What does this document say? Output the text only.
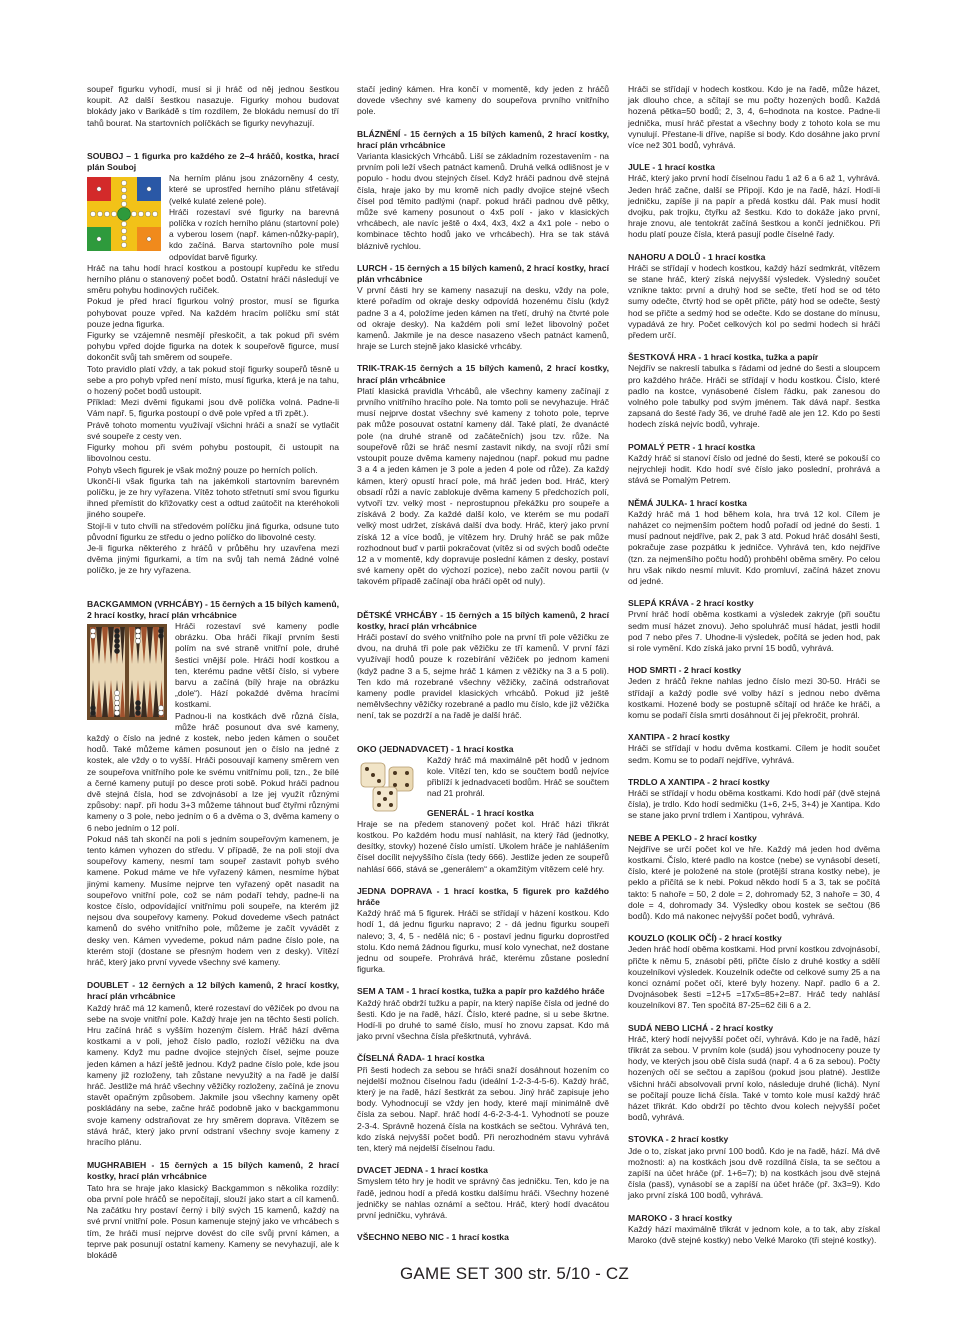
soupeř figurku vyhodí, musí si ji hráč od něj jednou šestkou koupit. Až další šestkou nasazuje. Figurky mohou budovat blokády jako v Barikádě s tím rozdílem, že blokádu nemusí do tří tahů bourat. Na startovních políčkách se figurky nevyhazují.

SOUBOJ – 1 figurka pro každého ze 2–4 hráčů, kostka, hrací plán Souboj

Na herním plánu jsou znázorněny 4 cesty, které se uprostřed herního plánu střetávají (velké kulaté zelené pole).

Hráči rozestaví své figurky na barevná políčka v rozích herního plánu (startovní pole) a vyberou losem (např. kámen-nůžky-papír), kdo začíná. Barva startovního pole musí odpovídat barvě figurky.

Hráč na tahu hodí hrací kostkou a postoupí kupředu ke středu herního plánu o stanovený počet bodů. Ostatní hráči následují ve směru pohybu hodinových ručiček.

Pokud je před hrací figurkou volný prostor, musí se figurka pohybovat pouze vpřed. Na každém hracím políčku smí stát pouze jedna figurka.

Figurky se vzájemně nesmějí přeskočit, a tak pokud při svém pohybu vpřed dojde figurka na dotek k soupeřově figurce, musí dokončit svůj tah směrem od soupeře.

Toto pravidlo platí vždy, a tak pokud stojí figurky soupeřů těsně u sebe a pro pohyb vpřed není místo, musí figurka, která je na tahu, o hozený počet bodů ustoupit.

Příklad: Mezi dvěmi figukami jsou dvě políčka volná. Padne-li Vám např. 5, figurka postoupí o dvě pole vpřed a tři zpět.).

Právě tohoto momentu využívají všichni hráči a snaží se vytlačit své soupeře z cesty ven.

Figurky mohou při svém pohybu postoupit, či ustoupit na libovolnou cestu.

Pohyb všech figurek je však možný pouze po herních polích.

Ukončí-li však figurka tah na jakémkoli startovním barevném políčku, je ze hry vyřazena. Vítěz tohoto střetnutí smí svou figurku ihned přemístit do křižovatky cest a odtud zaútočit na kteréhokoli jiného soupeře.

Stojí-li v tuto chvíli na středovém políčku jiná figurka, odsune tuto původní figurku ze středu o jedno políčko do libovolné cesty.

Je-li figurka některého z hráčů v průběhu hry uzavřena mezi dvěma jinými figurkami, a tím na svůj tah nemá žádné volné políčko, je ze hry vyřazena.

BACKGAMMON (VRHCÁBY) - 15 černých a 15 bílých kamenů, 2 hrací kostky, hrací plán vrhcábnice

Hráči rozestaví své kameny podle obrázku. Oba hráči říkají prvním šesti polím na své straně vnitřní pole, druhé šestici vnější pole. Hráči hodí kostkou a ten, kterému padne větší číslo, si vybere barvu a začíná (bílý hraje na obrázku „dole“). Hází pokaždé dvěma hracími kostkami.

Padnou-li na kostkách dvě různá čísla, může hráč posunout dva své kameny, každý o číslo na jedné z kostek, nebo jeden kámen o součet hodů. Také můžeme kámen posunout jen o číslo na jedné z kostek, ale vždy o to vyšší. Hráči posouvají kameny směrem ven ze soupeřova vnitřního pole ke svému vnitřnímu poli, tzn., že bílé a černé kameny putují po desce proti sobě. Pokud hráči padnou dvě stejná čísla, hod se zdvojnásobí a lze jej využít různými způsoby: např. při hodu 3+3 můžeme táhnout buď čtyřmi různými kameny o 3 pole, nebo jedním o 6 a dvěma o 3, dvěma kameny o 6 nebo jedním o 12 polí.

Pokud náš tah skončí na poli s jedním soupeřovým kamenem, je tento kámen vyhozen do středu. V případě, že na poli stojí dva soupeřovy kameny, nesmí tam soupeř zastavit pohyb svého kamene. Pokud máme ve hře vyřazený kámen, nesmíme hýbat jinými kameny. Musíme nejprve ten vyřazený opět nasadit na soupeřovo vnitřní pole, což se nám podaří tehdy, padne-li na kostce číslo, odpovídající vnitřnímu poli soupeře, na kterém již nejsou dva soupeřovy kameny. Pokud dovedeme všech patnáct kamenů do svého vnitřního pole, můžeme je začít vyvádět z desky ven. Kámen vyvedeme, pokud nám padne číslo pole, na kterém stojí (dostane se přesným hodem ven z desky). Vítězí hráč, který jako první vyvede všechny své kameny.

DOUBLET - 12 černých a 12 bílých kamenů, 2 hrací kostky, hrací plán vrhcábnice

Každý hráč má 12 kamenů, které rozestaví do věžiček po dvou na sebe na svoje vnitřní pole. Každý hraje jen na těchto šesti polích. Hru začíná hráč s vyšším hozeným číslem. Hráč hází dvěma kostkami a v poli, jehož číslo padlo, rozloží věžičku na dva kameny. Když mu padne dvojice stejných čísel, sejme pouze jeden kámen a hází ještě jednou. Když padne číslo pole, kde jsou kameny již rozloženy, tah zůstane nevyužitý a na řadě je další hráč. Jestliže má hráč všechny věžičky rozloženy, začíná je znovu stavět opačným způsobem. Jakmile jsou všechny kameny opět poskládány na sebe, začne hráč podobně jako v backgammonu svoje kameny odstraňovat ze hry směrem doprava. Vítězem se stává hráč, který jako první odstraní všechny svoje kameny z hracího plánu.

MUGHRABIEH - 15 černých a 15 bílých kamenů, 2 hrací kostky, hrací plán vrhcábnice

Tato hra se hraje jako klasický Backgammon s několika rozdíly: oba první pole hráčů se nepočítají, slouží jako start a cíl kamenů. Na začátku hry postaví černý i bílý svých 15 kamenů, každý na své první vnitřní pole. Posun kamenuje stejný jako ve vrhcábech s tím, že hráči musí nejprve dovést do cíle svůj první kámen, a teprve pak posunují ostatní kameny. Kameny se nevyhazují, ale k blokádě

stačí jediný kámen. Hra končí v momentě, kdy jeden z hráčů dovede všechny své kameny do soupeřova prvního vnitřního pole.

BLÁZNĚNÍ - 15 černých a 15 bílých kamenů, 2 hrací kostky, hrací plán vrhcábnice

Varianta klasických Vrhcábů. Liší se základním rozestavením - na prvním poli leží všech patnáct kamenů. Druhá velká odlišnost je v populo - hodu dvou stejných čísel. Když hráči padnou dvě stejná čísla, hraje jako by mu kromě nich padly dvojice stejné všech čísel pod těmito padlými (např. pokud hráči padnou dvě pětky, může své kameny posunout o 4x5 polí - jako v klasických vrhcábech, ale navíc ještě o 4x4, 4x3, 4x2 a 4x1 pole - nebo o kombinace těchto hodů jako ve vrhcábech). Hra se tak stává bláznivě rychlou.

LURCH - 15 černých a 15 bílých kamenů, 2 hrací kostky, hrací plán vrhcábnice

V první části hry se kameny nasazují na desku, vždy na pole, které pořadím od okraje desky odpovídá hozenému číslu (když padne 3 a 4, položíme jeden kámen na třetí, druhý na čtvrté pole od okraje desky). Na každém poli smí ležet libovolný počet kamenů. Jakmile je na desce nasazeno všech patnáct kamenů, hraje se Lurch stejně jako klasické vrhcáby.

TRIK-TRAK-15 černých a 15 bílých kamenů, 2 hrací kostky, hrací plán vrhcábnice

Platí klasická pravidla Vrhcábů, ale všechny kameny začínají z prvního vnitřního hracího pole. Na tomto poli se nevyhazuje. Hráč musí nejprve dostat všechny své kameny z tohoto pole, teprve pak může posouvat ostatní kameny dál. Také platí, že dvanácté pole (na druhé straně od začátečních) jsou tzv. růže. Na soupeřově růži se hráč nesmí zastavit nikdy, na svojí růži smí vstoupit pouze dvěma kameny najednou (např. pokud mu padne 3 a 4 a jeden kámen je 3 pole a jeden 4 pole od růže). Za každý kámen, který opustí hrací pole, má hráč jeden bod. Hráč, který obsadí růži a navíc zablokuje dvěma kameny 5 předchozích polí, vytvoří tzv. velký most - neprostupnou překážku pro soupeře a získává 2 body. Za každé další kolo, ve kterém se mu podaří velký most udržet, získává další dva body. Hráč, který jako první získá 12 a více bodů, je vítězem hry. Druhý hráč se pak může rozhodnout buď v partii pokračovat (vítěz si od svých bodů odečte 12 a v momentě, kdy dopravuje poslední kámen z desky, postaví své kameny opět do výchozí pozice), nebo začít novou partii (v takovém případě začínají oba hráči opět od nuly).

DĚTSKÉ VRHCÁBY - 15 černých a 15 bílých kamenů, 2 hrací kostky, hrací plán vrhcábnice

Hráči postaví do svého vnitřního pole na první tři pole věžičku ze dvou, na druhá tři pole pak věžičku ze tří kamenů. V první fázi využívají hodů pouze k rozebírání věžiček po jednom kameni (když padne 3 a 5, sejme hráč 1 kámen z věžičky na 3 a 5 poli). Ten kdo má rozebrané všechny věžičky, začíná odstraňovat kameny podle pravidel klasických vrhcábů. Pokud již ještě nemělvšechny věžičky rozebrané a padlo mu číslo, kde již věžička není, tak se pozdrží a na řadě je další hráč.

OKO (JEDNADVACET) - 1 hrací kostka

Každý hráč má maximálně pět hodů v jednom kole. Vítězí ten, kdo se součtem bodů nejvíce přiblíží k jednadvaceti bodům. Hráč se součtem nad 21 prohrál.

GENERÁL - 1 hrací kostka

Hraje se na předem stanovený počet kol. Hráč házi třikrát kostkou. Po každém hodu musí nahlásit, na který řád (jednotky, desítky, stovky) hozené číslo umístí. Ukolem hráče je nahlášením čísel docílit nejvyššího čísla (tedy 666). Jestliže jeden ze soupeřů nahlásí 666, stává se „generálem“ a okamžitým vítězem celé hry.

JEDNA DOPRAVA - 1 hrací kostka, 5 figurek pro každého hráče

Každý hráč má 5 figurek. Hráči se střídají v házení kostkou. Kdo hodí 1, dá jednu figurku napravo; 2 - dá jednu figurku soupeři nalevo; 3, 4, 5 - nedělá nic; 6 - postaví jednu figurku doprostřed stolu. Kdo nemá žádnou figurku, musí kolo vynechat, než dostane jednu od soupeře. Prohrává hráč, kterému zůstane poslední figurka.

SEM A TAM - 1 hrací kostka, tužka a papír pro každého hráče

Každý hráč obdrží tužku a papír, na který napíše čísla od jedné do šesti. Kdo je na řadě, hází. Číslo, které padne, si u sebe škrtne. Hodí-li po druhé to samé číslo, musí ho znovu zapsat. Kdo má jako první všechna čísla přeškrtnutá, vyhrává.

ČÍSELNÁ ŘADA- 1 hrací kostka

Při šesti hodech za sebou se hráči snaží dosáhnout hozením co nejdelší možnou číselnou řadu (ideální 1-2-3-4-5-6). Každý hráč, který je na řadě, hází šestkrát za sebou. Jiný hráč zapisuje jeho body. Vyhodnocují se vždy jen hody, které mají minimálně dvě čísla za sebou. Např. hráč hodí 4-6-2-3-4-1. Vyhodnotí se pouze 2-3-4. Správně hozená čísla na kostkách se sečtou. Vyhrává ten, kdo získá nejvyšší počet bodů. Při nerozhodném stavu vyhrává ten, který má nejdelší číselnou řadu.

DVACET JEDNA - 1 hrací kostka

Smyslem této hry je hodit ve správný čas jedničku. Ten, kdo je na řadě, jednou hodí a předá kostku dalšímu hráči. Všechny hozené jedničky se nahlas oznámí a sečtou. Hráč, který hodí dvacátou první jedničku, vyhrává.

VŠECHNO NEBO NIC - 1 hrací kostka

Hráči se střídají v hodech kostkou. Kdo je na řadě, může házet, jak dlouho chce, a sčítají se mu počty hozených bodů. Každá hozená pětka=50 bodů; 2, 3, 4, 6=hodnota na kostce. Padne-li jednička, musí hráč přestat a všechny body z tohoto kola se mu vynulují. Přestane-li dříve, napíše si body. Kdo dosáhne jako první více než 301 bodů, vyhrává.

JULE - 1 hrací kostka

Hráč, který jako první hodí číselnou řadu 1 až 6 a 6 až 1, vyhrává. Jeden hráč začne, další se Připojí. Kdo je na řadě, hází. Hodí-li jedničku, zapíše ji na papír a předá kostku dál. Pak musí hodit dvojku, pak trojku, čtyřku až šestku. Kdo to dokáže jako první, hraje znovu, ale tentokrát začíná šestkou a končí jedničkou. Při hodu platí pouze čísla, která pasují podle číselné řady.

NAHORU A DOLŮ - 1 hrací kostka

Hráči se střídají v hodech kostkou, každý hází sedmkrát, vítězem se stane hráč, který získá nejvyšší výsledek. Výsledný součet vznikne takto: první a druhý hod se sečte, třetí hod se od této sumy odečte, čtvrtý hod se opět přičte, pátý hod se odečte, šestý hod se přičte a sedmý hod se odečte. Kdo se dostane do mínusu, vypadává ze hry. Počet celkových kol po sedmi hodech si hráči předem určí.

ŠESTKOVÁ HRA - 1 hrací kostka, tužka a papír

Nejdřív se nakreslí tabulka s řádami od jedné do šesti a sloupcem pro každého hráče. Hráči se střídají v hodu kostkou. Číslo, které padlo na kostce, vynásobené číslem řádku, pak zanesou do volného pole tabulky pod svým jménem. Tak dává např. šestka zapsaná do šesté řady 36, ve druhé řadě ale jen 12. Kdo po šesti hodech získá nejvíc bodů, vyhraje.

POMALÝ PETR - 1 hrací kostka

Každý hráč si stanoví číslo od jedné do šesti, které se pokouší co nejrychleji hodit. Kdo hodí své číslo jako poslední, prohrává a stává se Pomalým Petrem.

NĚMÁ JULKA- 1 hrací kostka

Každý hráč má 1 hod během kola, hra trvá 12 kol. Cílem je naházet co nejmenším počtem hodů pořadí od jedné do šesti. 1 musí padnout nejdříve, pak 2, pak 3 atd. Pokud hráč dosáhl šesti, pokračuje zase pozpátku k jedničce. Vyhrává ten, kdo nejdříve (tzn. za nejmenšího počtu hodů) prohběhl oběma směry. Po celou hru však nikdo nesmí mluvit. Kdo promluví, začíná házet znovu od jedné.

SLEPÁ KRÁVA - 2 hrací kostky

První hráč hodí oběma kostkami a výsledek zakryje (při součtu sedm musí házet znovu). Jeho spoluhráč musí hádat, jestli hodil pod 7 nebo přes 7. Uhodne-li výsledek, počítá se jeden hod, pak si role vymění. Kdo získá jako první 15 bodů, vyhrává.

HOD SMRTI - 2 hrací kostky

Jeden z hráčů řekne nahlas jedno číslo mezi 30-50. Hráči se střídají a každý podle své volby hází s jednou nebo dvěma kostkami. Hozené body se postupně sčítají od hráče ke hráči, a komu se podaří čísla smrti dosáhnout či jej překročit, prohrál.

XANTIPA - 2 hrací kostky

Hráči se střídají v hodu dvěma kostkami. Cílem je hodit součet sedm. Komu se to podaří nejdříve, vyhrává.

TRDLO A XANTIPA - 2 hrací kostky

Hráči se střídají v hodu oběma kostkami. Kdo hodí pář (dvě stejná čísla), je trdlo. Kdo hodí sedmičku (1+6, 2+5, 3+4) je Xantipa. Kdo se stane jako první trdlem i Xantipou, vyhrává.

NEBE A PEKLO - 2 hrací kostky

Nejdříve se určí počet kol ve hře. Každý má jeden hod dvěma kostkami. Číslo, které padlo na kostce (nebe) se vynásobí desetí, číslo, které je položené na stole (protější strana kostky nebe), je peklo a přičítá se k nebi. Pokud někdo hodí 5 a 3, tak se počítá takto: 5 nahoře = 50, 2 dole = 2, dohromady 52, 3 nahoře = 30, 4 dole = 4, dohromady 34. Výsledky obou kostek se sečtou (86 bodů). Kdo má nakonec nejvyšší počet bodů, vyhrává.

KOUZLO (KOLIK OČÍ) - 2 hrací kostky

Jeden hráč hodí oběma kostkami. Hod první kostkou zdvojnásobí, přičte k němu 5, znásobí pěti, přičte číslo z druhé kostky a sdělí kouzelníkovi výsledek. Kouzelník odečte od celkové sumy 25 a na konci oznámí počet očí, které byly hozeny. Např. padlo 6 a 2. Dvojnásobek šesti =12+5 =17x5=85+2=87. Hráč tedy nahlásí kouzelníkovi 87. Ten spočítá 87-25=62 čili 6 a 2.

SUDÁ NEBO LICHÁ - 2 hrací kostky

Hráč, který hodí nejvyšší počet očí, vyhrává. Kdo je na řadě, hází třikrát za sebou. V prvním kole (sudá) jsou vyhodnoceny pouze ty hody, ve kterých jsou obě čísla sudá (např. 4 a 6 za sebou). Počty hozených očí se sečtou a zapíšou (pokud jsou platné). Jestliže všichni hráči absolvovali první kolo, následuje druhé (lichá). Nyní se počítají pouze lichá čísla. Také v tomto kole musí každý hráč házet třikrát. Kdo obdrží po těchto dvou kolech nejvyšší počet bodů, vyhrává.

STOVKA - 2 hrací kostky

Jde o to, získat jako první 100 bodů. Kdo je na řadě, hází. Má dvě možnosti: a) na kostkách jsou dvě rozdílná čísla, ta se sečtou a zapíší na účet hráče (př. 1+6=7); b) na kostkách jsou dvě stejná čísla (pasš), vynásobí se a zapíší na účet hráče (př. 3x3=9). Kdo jako první získá 100 bodů, vyhrává.

MAROKO - 3 hrací kostky

Každý hází maximálně třikrát v jednom kole, a to tak, aby získal Maroko (dvě stejné kostky) nebo Velké Maroko (tři stejné kostky).

GAME SET 300 str. 5/10 - CZ
